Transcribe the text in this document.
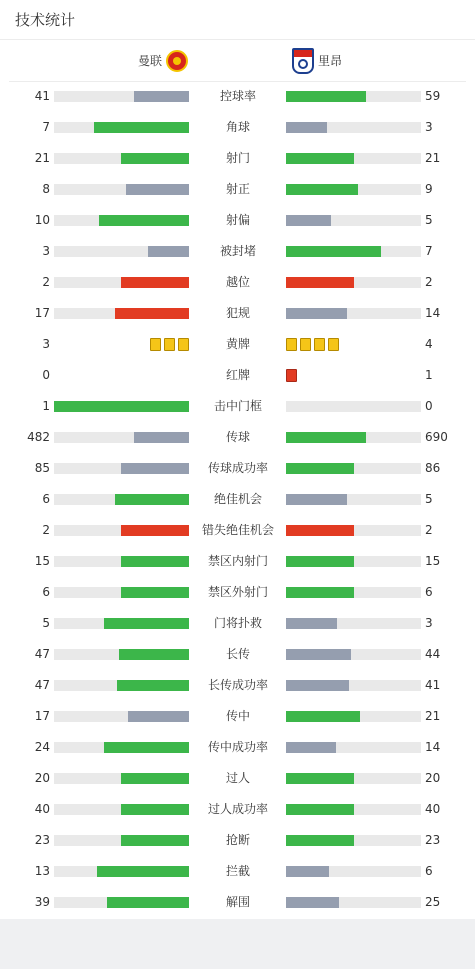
技术统计
曼联	里昂
41	控球率	59
7	角球	3
21	射门	21
8	射正	9
10	射偏	5
3	被封堵	7
2	越位	2
17	犯规	14
3	黄牌	4
0	红牌	1
1	击中门框	0
482	传球	690
85	传球成功率	86
6	绝佳机会	5
2	错失绝佳机会	2
15	禁区内射门	15
6	禁区外射门	6
5	门将扑救	3
47	长传	44
47	长传成功率	41
17	传中	21
24	传中成功率	14
20	过人	20
40	过人成功率	40
23	抢断	23
13	拦截	6
39	解围	25
